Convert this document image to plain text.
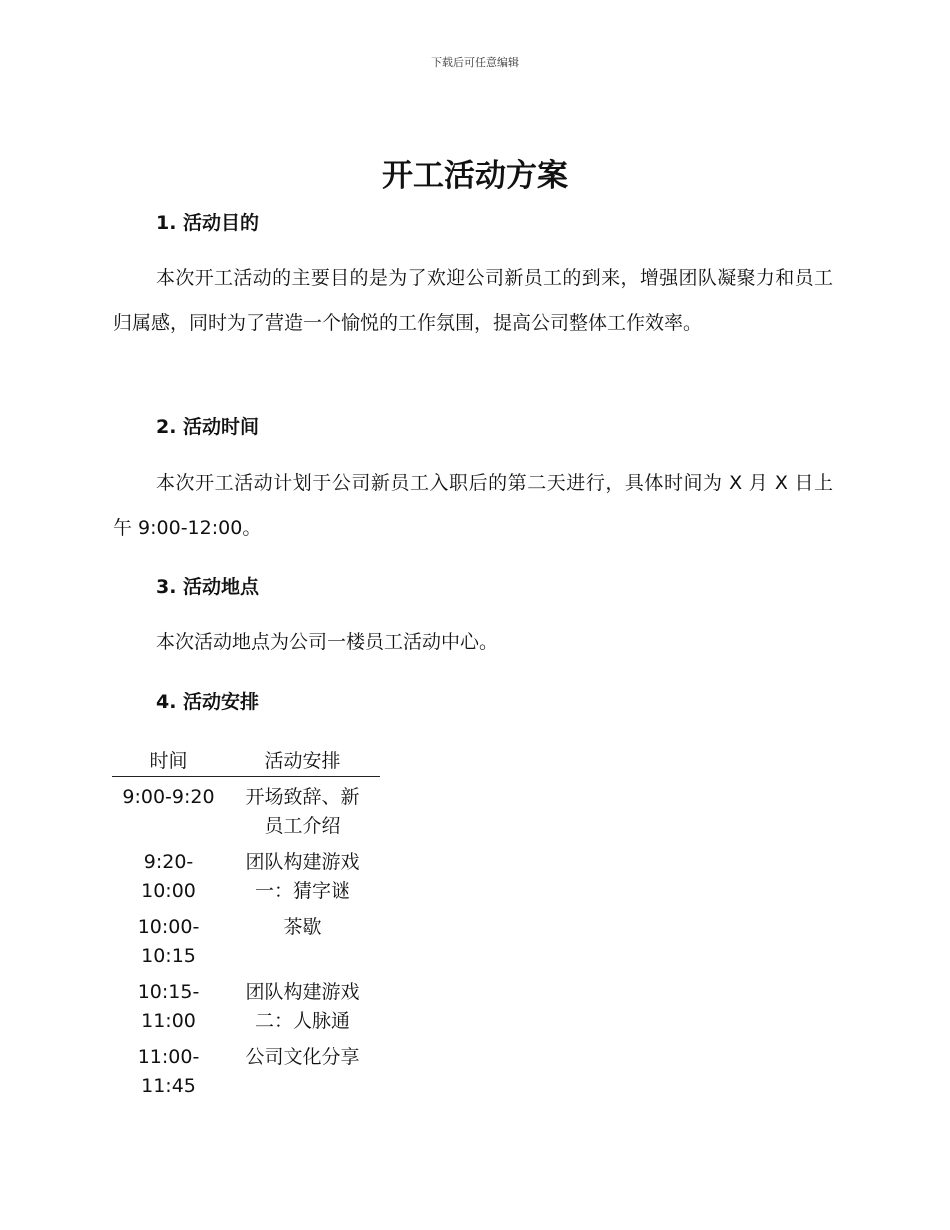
下载后可任意编辑
开工活动方案
1. 活动目的

本次开工活动的主要目的是为了欢迎公司新员工的到来，增强团队凝聚力和员工归属感，同时为了营造一个愉悦的工作氛围，提高公司整体工作效率。

2. 活动时间

本次开工活动计划于公司新员工入职后的第二天进行，具体时间为 X 月 X 日上午 9:00-12:00。

3. 活动地点

本次活动地点为公司一楼员工活动中心。

4. 活动安排
时间	活动安排
9:00-9:20	开场致辞、新
员工介绍
9:20-
10:00	团队构建游戏
一：猜字谜
10:00-
10:15	茶歇

10:15-
11:00	团队构建游戏
二：人脉通
11:00-
11:45	公司文化分享
